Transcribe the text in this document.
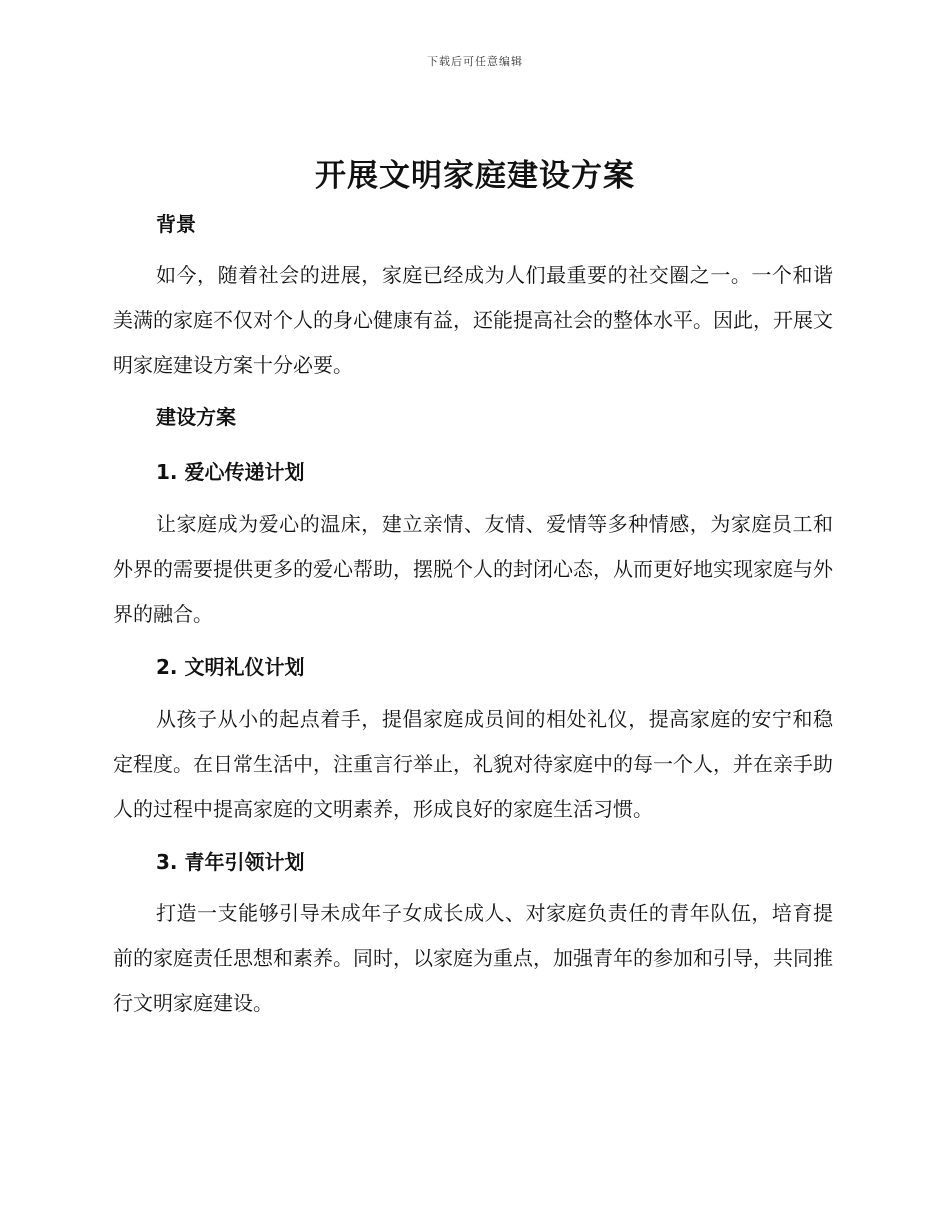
下载后可任意编辑
开展文明家庭建设方案
背景

如今，随着社会的进展，家庭已经成为人们最重要的社交圈之一。一个和谐美满的家庭不仅对个人的身心健康有益，还能提高社会的整体水平。因此，开展文明家庭建设方案十分必要。

建设方案
1. 爱心传递计划

让家庭成为爱心的温床，建立亲情、友情、爱情等多种情感，为家庭员工和外界的需要提供更多的爱心帮助，摆脱个人的封闭心态，从而更好地实现家庭与外界的融合。

2. 文明礼仪计划

从孩子从小的起点着手，提倡家庭成员间的相处礼仪，提高家庭的安宁和稳定程度。在日常生活中，注重言行举止，礼貌对待家庭中的每一个人，并在亲手助人的过程中提高家庭的文明素养，形成良好的家庭生活习惯。

3. 青年引领计划

打造一支能够引导未成年子女成长成人、对家庭负责任的青年队伍，培育提前的家庭责任思想和素养。同时，以家庭为重点，加强青年的参加和引导，共同推行文明家庭建设。
